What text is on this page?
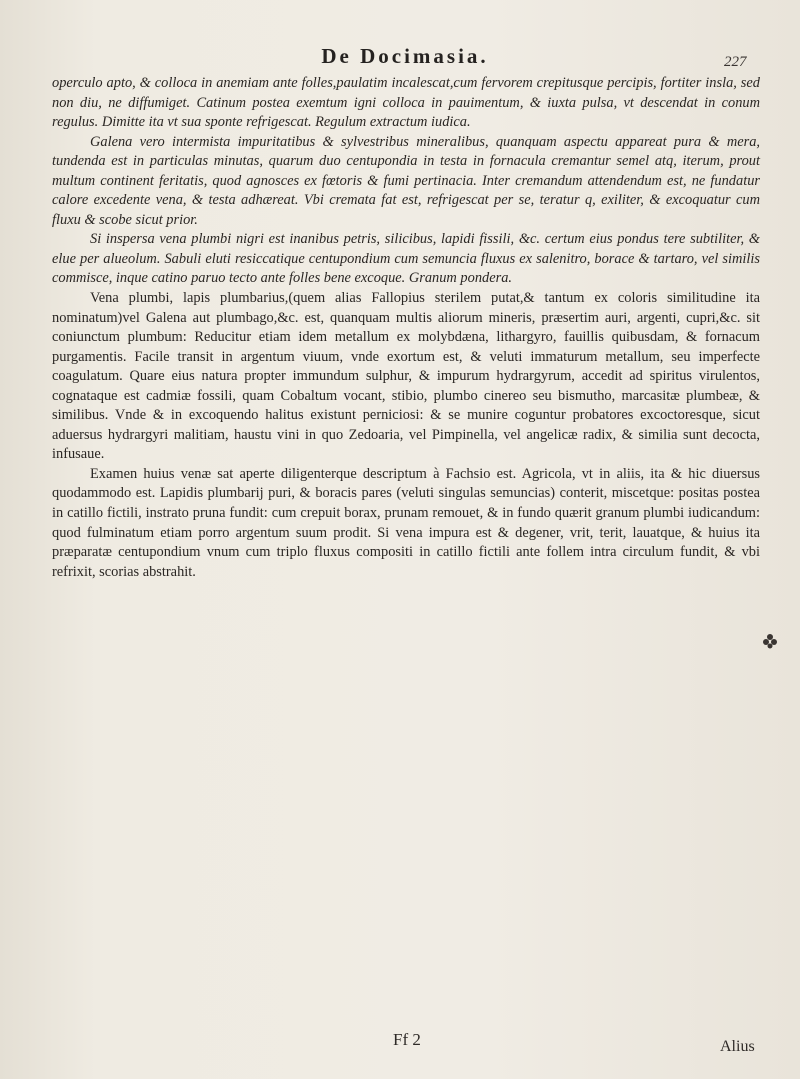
De Docimasia.	227

operculo apto, & colloca in anemiam ante folles,paulatim incalescat,cum fervorem crepitusque percipis, fortiter insla, sed non diu, ne diffumiget. Catinum postea exemtum igni colloca in pauimentum, & iuxta pulsa, vt descendat in conum regulus. Dimitte ita vt sua sponte refrigescat. Regulum extractum iudica.

Galena vero intermista impuritatibus & sylvestribus mineralibus, quanquam aspectu appareat pura & mera, tundenda est in particulas minutas, quarum duo centupondia in testa in fornacula cremantur semel atq, iterum, prout multum continent feritatis, quod agnosces ex fœtoris & fumi pertinacia. Inter cremandum attendendum est, ne fundatur calore excedente vena, & testa adhæreat. Vbi cremata fat est, refrigescat per se, teratur q, exiliter, & excoquatur cum fluxu & scobe sicut prior.

Si inspersa vena plumbi nigri est inanibus petris, silicibus, lapidi fissili, &c. certum eius pondus tere subtiliter, & elue per alueolum. Sabuli eluti resiccatique centupondium cum semuncia fluxus ex salenitro, borace & tartaro, vel similis commisce, inque catino paruo tecto ante folles bene excoque. Granum pondera.

Vena plumbi, lapis plumbarius,(quem alias Fallopius sterilem putat,& tantum ex coloris similitudine ita nominatum)vel Galena aut plumbago,&c. est, quanquam multis aliorum mineris, præsertim auri, argenti, cupri,&c. sit coniunctum plumbum: Reducitur etiam idem metallum ex molybdæna, lithargyro, fauillis quibusdam, & fornacum purgamentis. Facile transit in argentum viuum, vnde exortum est, & veluti immaturum metallum, seu imperfecte coagulatum. Quare eius natura propter immundum sulphur, & impurum hydrargyrum, accedit ad spiritus virulentos, cognataque est cadmiæ fossili, quam Cobaltum vocant, stibio, plumbo cinereo seu bismutho, marcasitæ plumbeæ, & similibus. Vnde & in excoquendo halitus existunt perniciosi: & se munire coguntur probatores excoctoresque, sicut aduersus hydrargyri malitiam, haustu vini in quo Zedoaria, vel Pimpinella, vel angelicæ radix, & similia sunt decocta, infusaue.

Examen huius venæ sat aperte diligenterque descriptum à Fachsio est. Agricola, vt in aliis, ita & hic diuersus quodammodo est. Lapidis plumbarij puri, & boracis pares (veluti singulas semuncias) conterit, miscetque: positas postea in catillo fictili, instrato pruna fundit: cum crepuit borax, prunam remouet, & in fundo quærit granum plumbi iudicandum: quod fulminatum etiam porro argentum suum prodit. Si vena impura est & degener, vrit, terit, lauatque, & huius ita præparatæ centupondium vnum cum triplo fluxus compositi in catillo fictili ante follem intra circulum fundit, & vbi refrixit, scorias abstrahit.

Ff 2	Alius
